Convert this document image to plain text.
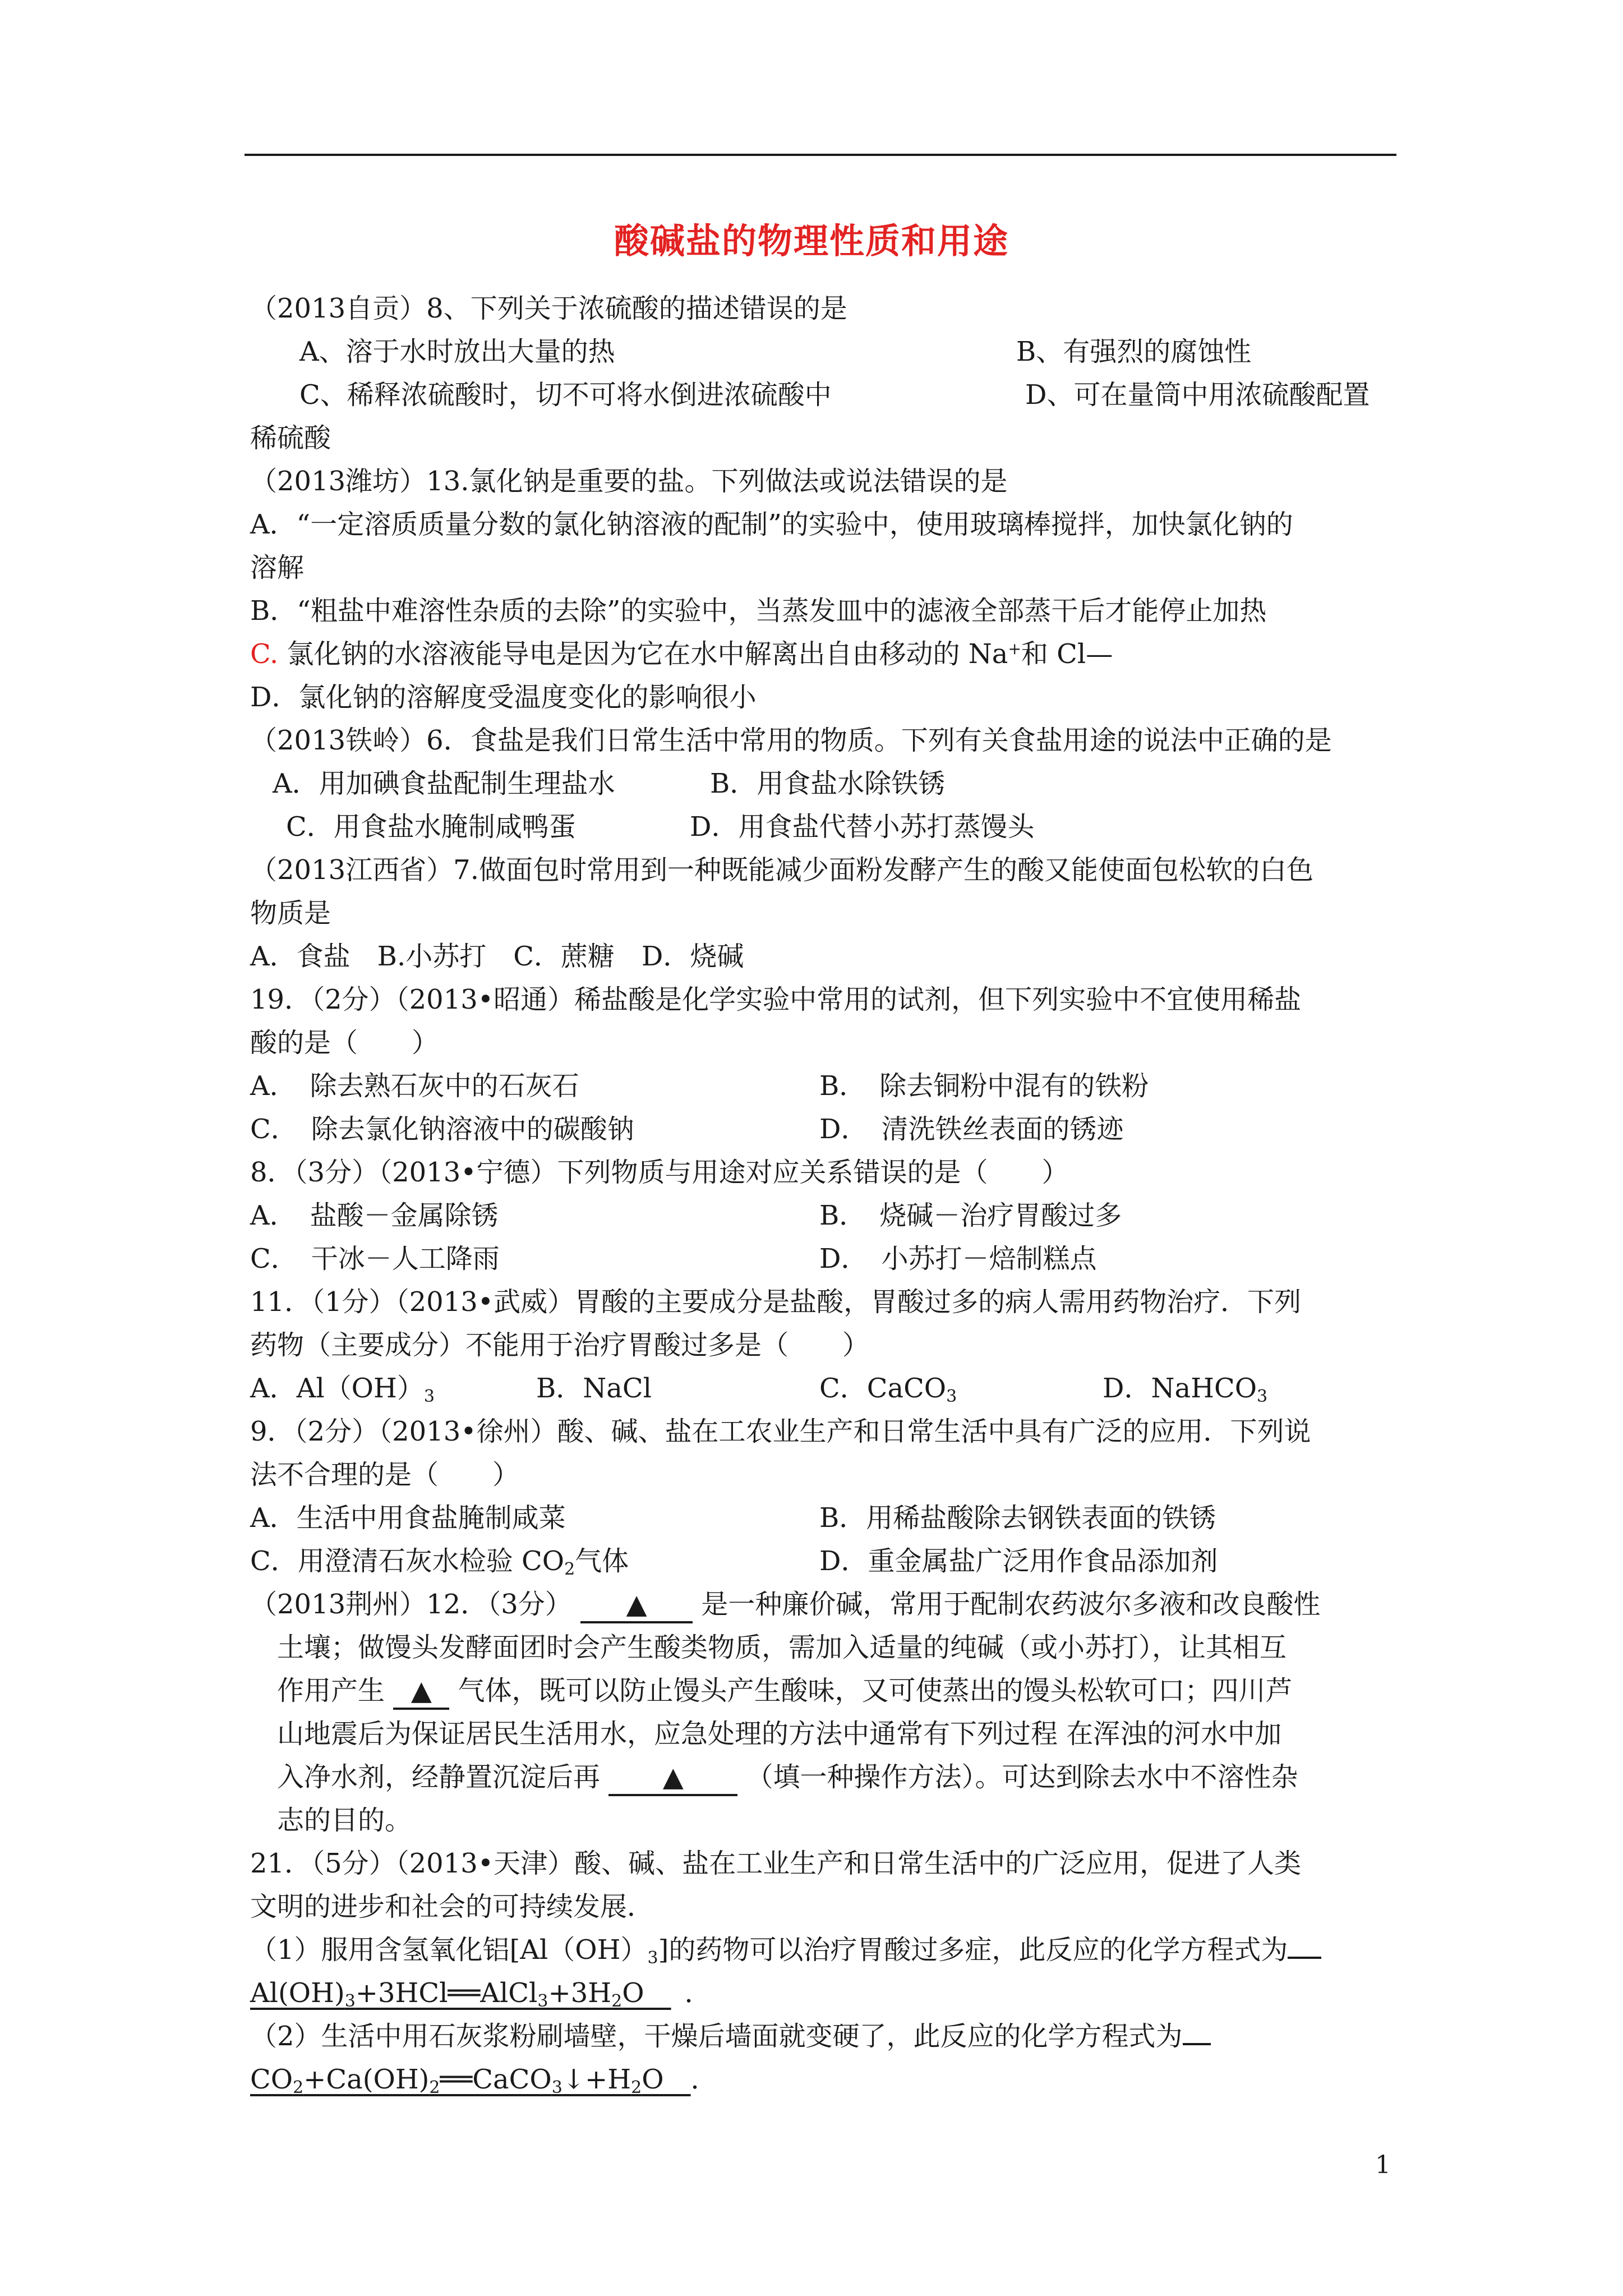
酸碱盐的物理性质和用途
（2013自贡）8、下列关于浓硫酸的描述错误的是
A、溶于水时放出大量的热	B、有强烈的腐蚀性
C、稀释浓硫酸时，切不可将水倒进浓硫酸中	D、可在量筒中用浓硫酸配置
稀硫酸
（2013潍坊）13.氯化钠是重要的盐。下列做法或说法错误的是
A．“一定溶质质量分数的氯化钠溶液的配制”的实验中，使用玻璃棒搅拌，加快氯化钠的
溶解
B．“粗盐中难溶性杂质的去除”的实验中，当蒸发皿中的滤液全部蒸干后才能停止加热
C. 氯化钠的水溶液能导电是因为它在水中解离出自由移动的 Na+和 Cl—
D．氯化钠的溶解度受温度变化的影响很小
（2013铁岭）6．食盐是我们日常生活中常用的物质。下列有关食盐用途的说法中正确的是
A．用加碘食盐配制生理盐水	B．用食盐水除铁锈
C．用食盐水腌制咸鸭蛋	D．用食盐代替小苏打蒸馒头
（2013江西省）7.做面包时常用到一种既能减少面粉发酵产生的酸又能使面包松软的白色
物质是
A．食盐　B.小苏打　C．蔗糖　D．烧碱
19．（2分）（2013•昭通）稀盐酸是化学实验中常用的试剂，但下列实验中不宜使用稀盐
酸的是（　　）
A．　除去熟石灰中的石灰石	B．　除去铜粉中混有的铁粉
C．　除去氯化钠溶液中的碳酸钠	D．　清洗铁丝表面的锈迹
8．（3分）（2013•宁德）下列物质与用途对应关系错误的是（　　）
A．　盐酸－金属除锈	B．　烧碱－治疗胃酸过多
C．　干冰－人工降雨	D．　小苏打－焙制糕点
11．（1分）（2013•武威）胃酸的主要成分是盐酸，胃酸过多的病人需用药物治疗．下列
药物（主要成分）不能用于治疗胃酸过多是（　　）
A．$Al(OH)_3$	B．NaCl	C．CaCO$_3$	D．NaHCO$_3$
9．（2分）（2013•徐州）酸、碱、盐在工农业生产和日常生活中具有广泛的应用．下列说
法不合理的是（　　）
A．生活中用食盐腌制咸菜	B．用稀盐酸除去钢铁表面的铁锈
C．用澄清石灰水检验 $CO_2$气体	D．重金属盐广泛用作食品添加剂
（2013荆州）12．（3分） ▲ 是一种廉价碱，常用于配制农药波尔多液和改良酸性
土壤；做馒头发酵面团时会产生酸类物质，需加入适量的纯碱（或小苏打），让其相互
作用产生 ▲ 气体，既可以防止馒头产生酸味，又可使蒸出的馒头松软可口；四川芦
山地震后为保证居民生活用水，应急处理的方法中通常有下列过程 在浑浊的河水中加
入净水剂，经静置沉淀后再 ▲ （填一种操作方法）。可达到除去水中不溶性杂
志的目的。
21．（5分）（2013•天津）酸、碱、盐在工业生产和日常生活中的广泛应用，促进了人类
文明的进步和社会的可持续发展．
（1）服用含氢氧化铝$[Al(OH)_3]$的药物可以治疗胃酸过多症，此反应的化学方程式为
$Al(OH)_3+3HCl══AlCl_3+3H_2O$　 ．
（2）生活中用石灰浆粉刷墙壁，干燥后墙面就变硬了，此反应的化学方程式为
$CO_2+Ca(OH)_2══CaCO_3↓+H_2O$　 ．
1
